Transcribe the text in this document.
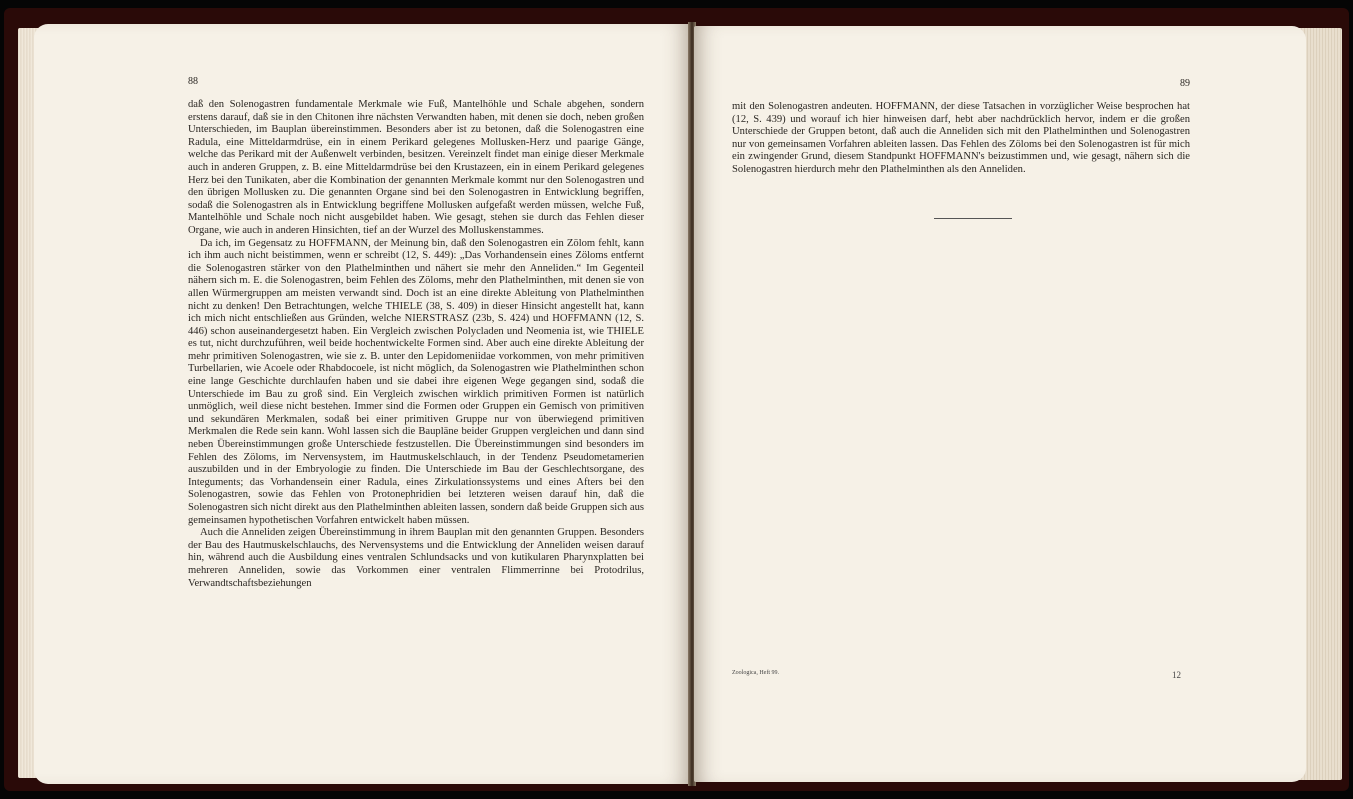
88

daß den Solenogastren fundamentale Merkmale wie Fuß, Mantelhöhle und Schale abgehen, sondern erstens darauf, daß sie in den Chitonen ihre nächsten Verwandten haben, mit denen sie doch, neben großen Unterschieden, im Bauplan übereinstimmen. Besonders aber ist zu betonen, daß die Solenogastren eine Radula, eine Mitteldarmdrüse, ein in einem Perikard gelegenes Mollusken-Herz und paarige Gänge, welche das Perikard mit der Außenwelt verbinden, besitzen. Vereinzelt findet man einige dieser Merkmale auch in anderen Gruppen, z. B. eine Mitteldarmdrüse bei den Krustazeen, ein in einem Perikard gelegenes Herz bei den Tunikaten, aber die Kombination der genannten Merkmale kommt nur den Solenogastren und den übrigen Mollusken zu. Die genannten Organe sind bei den Solenogastren in Entwicklung begriffen, sodaß die Solenogastren als in Entwicklung begriffene Mollusken aufgefaßt werden müssen, welche Fuß, Mantelhöhle und Schale noch nicht ausgebildet haben. Wie gesagt, stehen sie durch das Fehlen dieser Organe, wie auch in anderen Hinsichten, tief an der Wurzel des Molluskenstammes.

Da ich, im Gegensatz zu HOFFMANN, der Meinung bin, daß den Solenogastren ein Zölom fehlt, kann ich ihm auch nicht beistimmen, wenn er schreibt (12, S. 449): „Das Vorhandensein eines Zöloms entfernt die Solenogastren stärker von den Plathelminthen und nähert sie mehr den Anneliden.“ Im Gegenteil nähern sich m. E. die Solenogastren, beim Fehlen des Zöloms, mehr den Plathelminthen, mit denen sie von allen Würmergruppen am meisten verwandt sind. Doch ist an eine direkte Ableitung von Plathelminthen nicht zu denken! Den Betrachtungen, welche THIELE (38, S. 409) in dieser Hinsicht angestellt hat, kann ich mich nicht entschließen aus Gründen, welche NIERSTRASZ (23b, S. 424) und HOFFMANN (12, S. 446) schon auseinandergesetzt haben. Ein Vergleich zwischen Polycladen und Neomenia ist, wie THIELE es tut, nicht durchzuführen, weil beide hochentwickelte Formen sind. Aber auch eine direkte Ableitung der mehr primitiven Solenogastren, wie sie z. B. unter den Lepidomeniidae vorkommen, von mehr primitiven Turbellarien, wie Acoele oder Rhabdocoele, ist nicht möglich, da Solenogastren wie Plathelminthen schon eine lange Geschichte durchlaufen haben und sie dabei ihre eigenen Wege gegangen sind, sodaß die Unterschiede im Bau zu groß sind. Ein Vergleich zwischen wirklich primitiven Formen ist natürlich unmöglich, weil diese nicht bestehen. Immer sind die Formen oder Gruppen ein Gemisch von primitiven und sekundären Merkmalen, sodaß bei einer primitiven Gruppe nur von überwiegend primitiven Merkmalen die Rede sein kann. Wohl lassen sich die Baupläne beider Gruppen vergleichen und dann sind neben Übereinstimmungen große Unterschiede festzustellen. Die Übereinstimmungen sind besonders im Fehlen des Zöloms, im Nervensystem, im Hautmuskelschlauch, in der Tendenz Pseudometamerien auszubilden und in der Embryologie zu finden. Die Unterschiede im Bau der Geschlechtsorgane, des Integuments; das Vorhandensein einer Radula, eines Zirkulationssystems und eines Afters bei den Solenogastren, sowie das Fehlen von Protonephridien bei letzteren weisen darauf hin, daß die Solenogastren sich nicht direkt aus den Plathelminthen ableiten lassen, sondern daß beide Gruppen sich aus gemeinsamen hypothetischen Vorfahren entwickelt haben müssen.

Auch die Anneliden zeigen Übereinstimmung in ihrem Bauplan mit den genannten Gruppen. Besonders der Bau des Hautmuskelschlauchs, des Nervensystems und die Entwicklung der Anneliden weisen darauf hin, während auch die Ausbildung eines ventralen Schlundsacks und von kutikularen Pharynxplatten bei mehreren Anneliden, sowie das Vorkommen einer ventralen Flimmerrinne bei Protodrilus, Verwandtschaftsbeziehungen

89

mit den Solenogastren andeuten. HOFFMANN, der diese Tatsachen in vorzüglicher Weise besprochen hat (12, S. 439) und worauf ich hier hinweisen darf, hebt aber nachdrücklich hervor, indem er die großen Unterschiede der Gruppen betont, daß auch die Anneliden sich mit den Plathelminthen und Solenogastren nur von gemeinsamen Vorfahren ableiten lassen. Das Fehlen des Zöloms bei den Solenogastren ist für mich ein zwingender Grund, diesem Standpunkt HOFFMANN's beizustimmen und, wie gesagt, nähern sich die Solenogastren hierdurch mehr den Plathelminthen als den Anneliden.

Zoologica, Heft 99.	12
